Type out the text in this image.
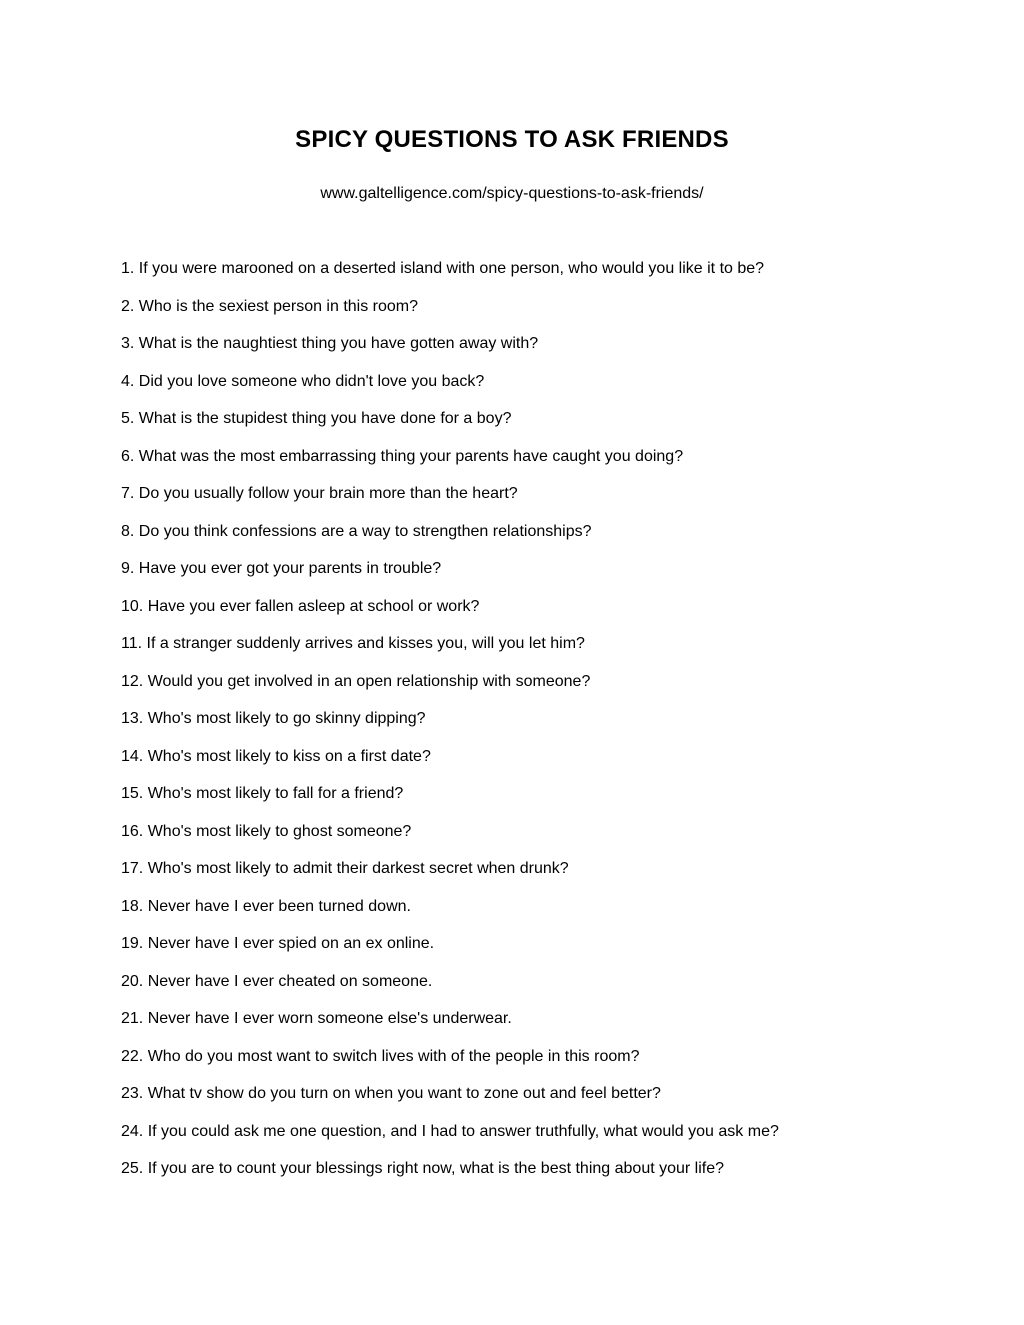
SPICY QUESTIONS TO ASK FRIENDS
www.galtelligence.com/spicy-questions-to-ask-friends/
1. If you were marooned on a deserted island with one person, who would you like it to be?
2. Who is the sexiest person in this room?
3. What is the naughtiest thing you have gotten away with?
4. Did you love someone who didn't love you back?
5. What is the stupidest thing you have done for a boy?
6. What was the most embarrassing thing your parents have caught you doing?
7. Do you usually follow your brain more than the heart?
8. Do you think confessions are a way to strengthen relationships?
9. Have you ever got your parents in trouble?
10. Have you ever fallen asleep at school or work?
11. If a stranger suddenly arrives and kisses you, will you let him?
12. Would you get involved in an open relationship with someone?
13. Who's most likely to go skinny dipping?
14. Who's most likely to kiss on a first date?
15. Who's most likely to fall for a friend?
16. Who's most likely to ghost someone?
17. Who's most likely to admit their darkest secret when drunk?
18. Never have I ever been turned down.
19. Never have I ever spied on an ex online.
20. Never have I ever cheated on someone.
21. Never have I ever worn someone else's underwear.
22. Who do you most want to switch lives with of the people in this room?
23. What tv show do you turn on when you want to zone out and feel better?
24. If you could ask me one question, and I had to answer truthfully, what would you ask me?
25. If you are to count your blessings right now, what is the best thing about your life?
